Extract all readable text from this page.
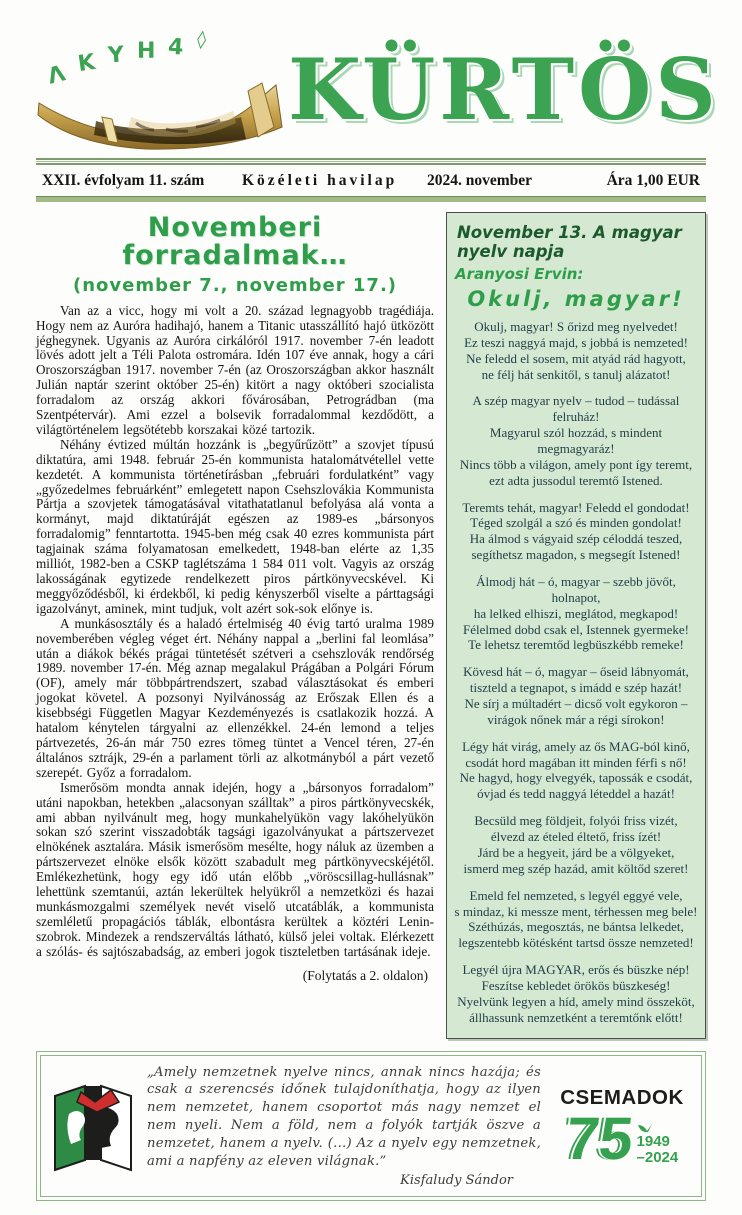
Λ Κ Υ Η 4 ◊
KÜRTÖS
XXII. évfolyam 11. szám	Közéleti havilap	2024. november	Ára 1,00 EUR
Novemberi forradalmak…
(november 7., november 17.)

Van az a vicc, hogy mi volt a 20. század legnagyobb tragédiája. Hogy nem az Auróra hadihajó, hanem a Titanic utasszállító hajó ütközött jéghegynek. Ugyanis az Auróra cirkálóról 1917. november 7-én leadott lövés adott jelt a Téli Palota ostromára. Idén 107 éve annak, hogy a cári Oroszországban 1917. november 7-én (az Oroszországban akkor használt Julián naptár szerint október 25-én) kitört a nagy októberi szocialista forradalom az ország akkori fővárosában, Petrográdban (ma Szentpétervár). Ami ezzel a bolsevik forradalommal kezdődött, a világtörténelem legsötétebb korszakai közé tartozik.

Néhány évtized múltán hozzánk is „begyűrűzött” a szovjet típusú diktatúra, ami 1948. február 25-én kommunista hatalomátvétellel vette kezdetét. A kommunista történetírásban „februári fordulatként” vagy „győzedelmes februárként” emlegetett napon Csehszlovákia Kommunista Pártja a szovjetek támogatásával vitathatatlanul befolyása alá vonta a kormányt, majd diktatúráját egészen az 1989-es „bársonyos forradalomig” fenntartotta. 1945-ben még csak 40 ezres kommunista párt tagjainak száma folyamatosan emelkedett, 1948-ban elérte az 1,35 milliót, 1982-ben a CSKP taglétszáma 1 584 011 volt. Vagyis az ország lakosságának egytizede rendelkezett piros pártkönyvecskével. Ki meggyőződésből, ki érdekből, ki pedig kényszerből viselte a párttagsági igazolványt, aminek, mint tudjuk, volt azért sok-sok előnye is.

A munkásosztály és a haladó értelmiség 40 évig tartó uralma 1989 novemberében végleg véget ért. Néhány nappal a „berlini fal leomlása” után a diákok békés prágai tüntetését szétveri a csehszlovák rendőrség 1989. november 17-én. Még aznap megalakul Prágában a Polgári Fórum (OF), amely már többpártrendszert, szabad választásokat és emberi jogokat követel. A pozsonyi Nyilvánosság az Erőszak Ellen és a kisebbségi Független Magyar Kezdeményezés is csatlakozik hozzá. A hatalom kénytelen tárgyalni az ellenzékkel. 24-én lemond a teljes pártvezetés, 26-án már 750 ezres tömeg tüntet a Vencel téren, 27-én általános sztrájk, 29-én a parlament törli az alkotmányból a párt vezető szerepét. Győz a forradalom.

Ismerősöm mondta annak idején, hogy a „bársonyos forradalom” utáni napokban, hetekben „alacsonyan szálltak” a piros pártkönyvecskék, ami abban nyilvánult meg, hogy munkahelyükön vagy lakóhelyükön sokan szó szerint visszadobták tagsági igazolványukat a pártszervezet elnökének asztalára. Másik ismerősöm mesélte, hogy náluk az üzemben a pártszervezet elnöke elsők között szabadult meg pártkönyvecskéjétől. Emlékezhetünk, hogy egy idő után előbb „vöröscsillag-hullásnak” lehettünk szemtanúi, aztán lekerültek helyükről a nemzetközi és hazai munkásmozgalmi személyek nevét viselő utcatáblák, a kommunista szemléletű propagációs táblák, elbontásra kerültek a köztéri Lenin-szobrok. Mindezek a rendszerváltás látható, külső jelei voltak. Elérkezett a szólás- és sajtószabadság, az emberi jogok tiszteletben tartásának ideje.

(Folytatás a 2. oldalon)
November 13. A magyar nyelv napja
Aranyosi Ervin:
Okulj, magyar!
Okulj, magyar! S őrizd meg nyelvedet!
Ez teszi naggyá majd, s jobbá is nemzeted!
Ne feledd el sosem, mit atyád rád hagyott,
ne félj hát senkitől, s tanulj alázatot!
A szép magyar nyelv – tudod – tudással felruház!
Magyarul szól hozzád, s mindent megmagyaráz!
Nincs több a világon, amely pont így teremt,
ezt adta jussodul teremtő Istened.
Teremts tehát, magyar! Feledd el gondodat!
Téged szolgál a szó és minden gondolat!
Ha álmod s vágyaid szép céloddá teszed,
segíthetsz magadon, s megsegít Istened!
Álmodj hát – ó, magyar – szebb jövőt, holnapot,
ha lelked elhiszi, meglátod, megkapod!
Félelmed dobd csak el, Istennek gyermeke!
Te lehetsz teremtőd legbüszkébb remeke!
Kövesd hát – ó, magyar – őseid lábnyomát,
tiszteld a tegnapot, s imádd e szép hazát!
Ne sírj a múltadért – dicső volt egykoron –
virágok nőnek már a régi sírokon!
Légy hát virág, amely az ős MAG-ból kinő,
csodát hord magában itt minden férfi s nő!
Ne hagyd, hogy elvegyék, tapossák e csodát,
óvjad és tedd naggyá léteddel a hazát!
Becsüld meg földjeit, folyói friss vizét,
élvezd az ételed éltető, friss ízét!
Járd be a hegyeit, járd be a völgyeket,
ismerd meg szép hazád, amit költőd szeret!
Emeld fel nemzeted, s legyél eggyé vele,
s mindaz, ki messze ment, térhessen meg bele!
Széthúzás, megosztás, ne bántsa lelkedet,
legszentebb kötésként tartsd össze nemzeted!
Legyél újra MAGYAR, erős és büszke nép!
Feszítse kebledet örökös büszkeség!
Nyelvünk legyen a híd, amely mind összeköt,
állhassunk nemzetként a teremtőnk előtt!
„Amely nemzetnek nyelve nincs, annak nincs hazája; és csak a szerencsés időnek tulajdoníthatja, hogy az ilyen nem nemzetet, hanem csoportot más nagy nemzet el nem nyeli. Nem a föld, nem a folyók tartják öszve a nemzetet, hanem a nyelv. (…) Az a nyelv egy nemzetnek, ami a napfény az eleven világnak.”
Kisfaludy Sándor
CSEMADOK
75 1949
–2024
